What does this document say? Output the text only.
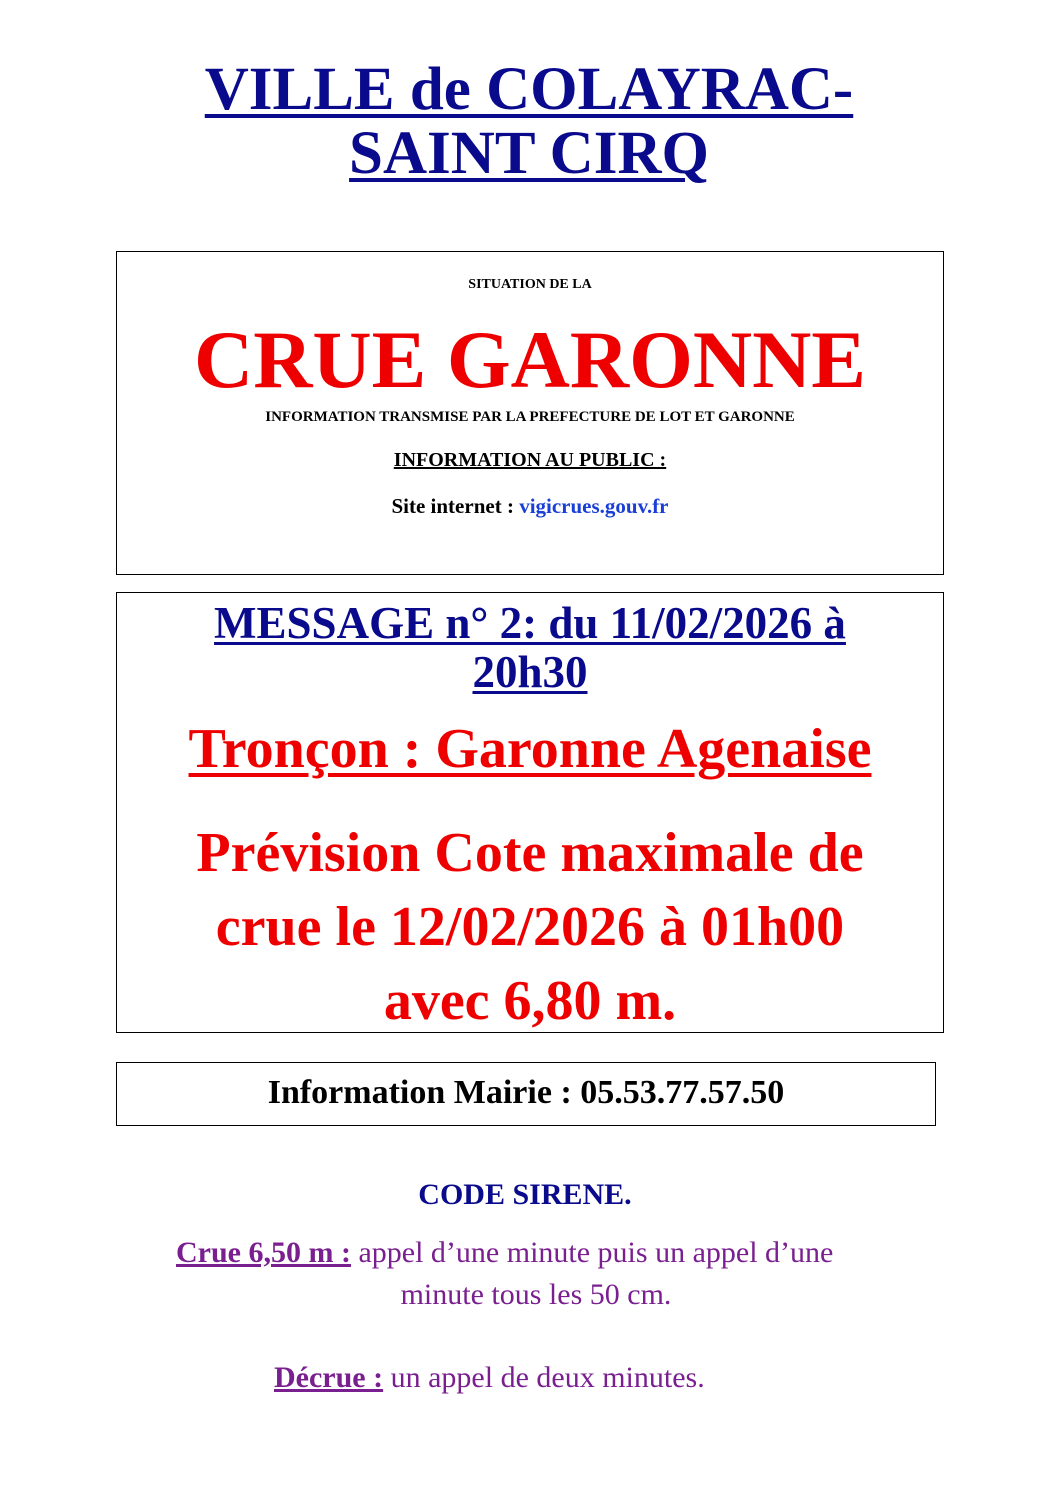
VILLE de COLAYRAC-
SAINT CIRQ
SITUATION DE LA
CRUE GARONNE
INFORMATION TRANSMISE PAR LA PREFECTURE DE LOT ET GARONNE
INFORMATION AU PUBLIC :
Site internet : vigicrues.gouv.fr
MESSAGE n° 2: du 11/02/2026 à
20h30
Tronçon : Garonne Agenaise
Prévision Cote maximale de
crue le 12/02/2026 à 01h00
avec 6,80 m.
Information Mairie : 05.53.77.57.50
CODE SIRENE.
Crue 6,50 m : appel d’une minute puis un appel d’une
minute tous les 50 cm.
Décrue : un appel de deux minutes.
